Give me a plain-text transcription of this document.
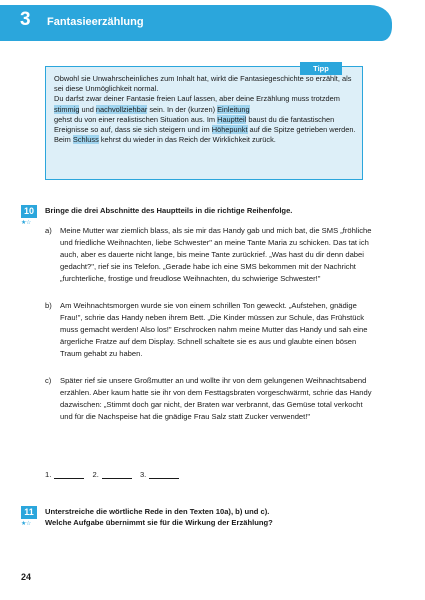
3 Fantasieerzählung
Tipp
Obwohl sie Unwahrscheinliches zum Inhalt hat, wirkt die Fantasiegeschichte so erzählt, als sei diese Unmöglichkeit normal.
Du darfst zwar deiner Fantasie freien Lauf lassen, aber deine Erzählung muss trotzdem stimmig und nachvollziehbar sein. In der (kurzen) Einleitung
gehst du von einer realistischen Situation aus. Im Hauptteil baust du die fantastischen Ereignisse so auf, dass sie sich steigern und im Höhepunkt auf die Spitze getrieben werden.
Beim Schluss kehrst du wieder in das Reich der Wirklichkeit zurück.
10
★☆
Bringe die drei Abschnitte des Hauptteils in die richtige Reihenfolge.
a) Meine Mutter war ziemlich blass, als sie mir das Handy gab und mich bat, die SMS „fröhliche und friedliche Weihnachten, liebe Schwester" an meine Tante Maria zu schicken. Das tat ich auch, aber es dauerte nicht lange, bis meine Tante zurückrief. „Was hast du dir denn dabei gedacht?", rief sie ins Telefon. „Gerade habe ich eine SMS bekommen mit der Nachricht „furchterliche, frostige und freudlose Weihnachten, du schwierige Schwester!"
b) Am Weihnachtsmorgen wurde sie von einem schrillen Ton geweckt. „Aufstehen, gnädige Frau!", schrie das Handy neben ihrem Bett. „Die Kinder müssen zur Schule, das Frühstück muss gemacht werden! Also los!" Erschrocken nahm meine Mutter das Handy und sah eine ärgerliche Fratze auf dem Display. Schnell schaltete sie es aus und glaubte einen bösen Traum gehabt zu haben.
c) Später rief sie unsere Großmutter an und wollte ihr von dem gelungenen Weihnachtsabend erzählen. Aber kaum hatte sie ihr von dem Festtagsbraten vorgeschwärmt, schrie das Handy dazwischen: „Stimmt doch gar nicht, der Braten war verbrannt, das Gemüse total verkocht und für die Nachspeise hat die gnädige Frau Salz statt Zucker verwendet!"
1.	2.	3.
11
★☆
Unterstreiche die wörtliche Rede in den Texten 10a), b) und c).
Welche Aufgabe übernimmt sie für die Wirkung der Erzählung?
24
